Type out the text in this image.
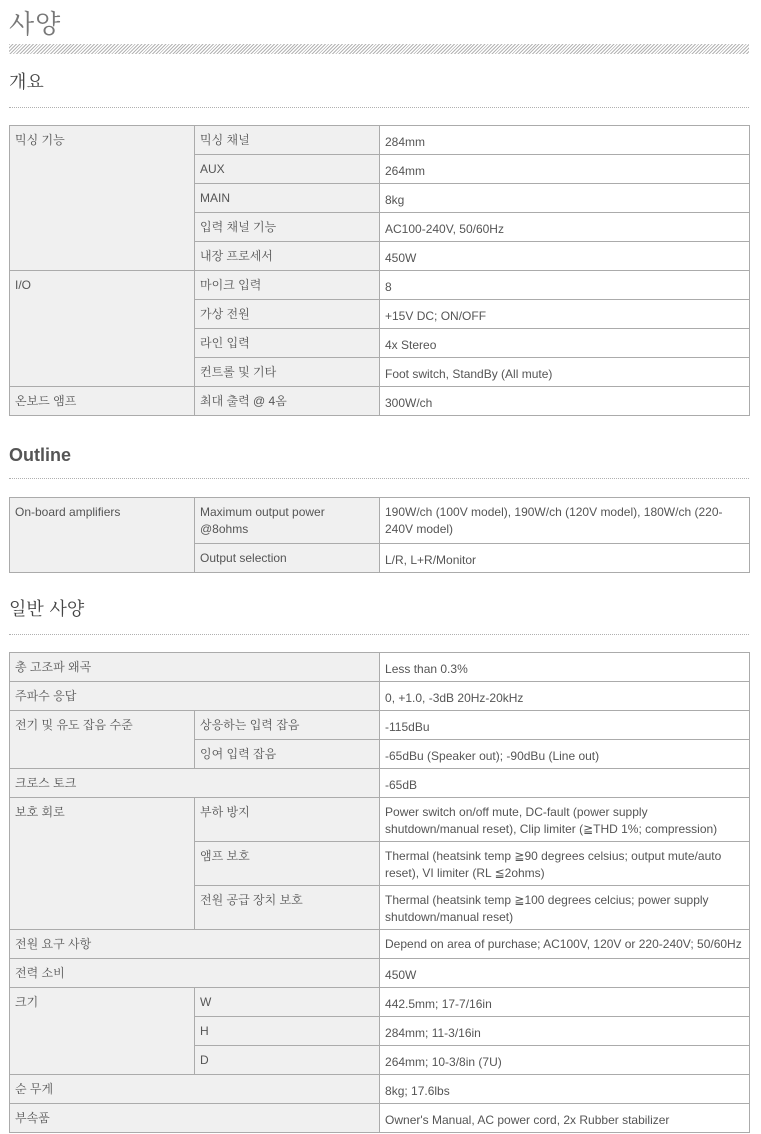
사양
개요
믹싱 기능	믹싱 채널	284mm
	AUX	264mm
	MAIN	8kg
	입력 채널 기능	AC100-240V, 50/60Hz
	내장 프로세서	450W
I/O	마이크 입력	8
	가상 전원	+15V DC; ON/OFF
	라인 입력	4x Stereo
	컨트롤 및 기타	Foot switch, StandBy (All mute)
온보드 앰프	최대 출력 @ 4옴	300W/ch
Outline
On-board amplifiers	Maximum output power @8ohms	190W/ch (100V model), 190W/ch (120V model), 180W/ch (220-240V model)
	Output selection	L/R, L+R/Monitor
일반 사양
총 고조파 왜곡		Less than 0.3%
주파수 응답		0, +1.0, -3dB 20Hz-20kHz
전기 및 유도 잡음 수준	상응하는 입력 잡음	-115dBu
	잉여 입력 잡음	-65dBu (Speaker out); -90dBu (Line out)
크로스 토크		-65dB
보호 회로	부하 방지	Power switch on/off mute, DC-fault (power supply shutdown/manual reset), Clip limiter (≧THD 1%; compression)
	앰프 보호	Thermal (heatsink temp ≧90 degrees celsius; output mute/auto reset), VI limiter (RL ≦2ohms)
	전원 공급 장치 보호	Thermal (heatsink temp ≧100 degrees celcius; power supply shutdown/manual reset)
전원 요구 사항		Depend on area of purchase; AC100V, 120V or 220-240V; 50/60Hz
전력 소비		450W
크기	W	442.5mm; 17-7/16in
	H	284mm; 11-3/16in
	D	264mm; 10-3/8in (7U)
순 무게		8kg; 17.6lbs
부속품		Owner's Manual, AC power cord, 2x Rubber stabilizer
